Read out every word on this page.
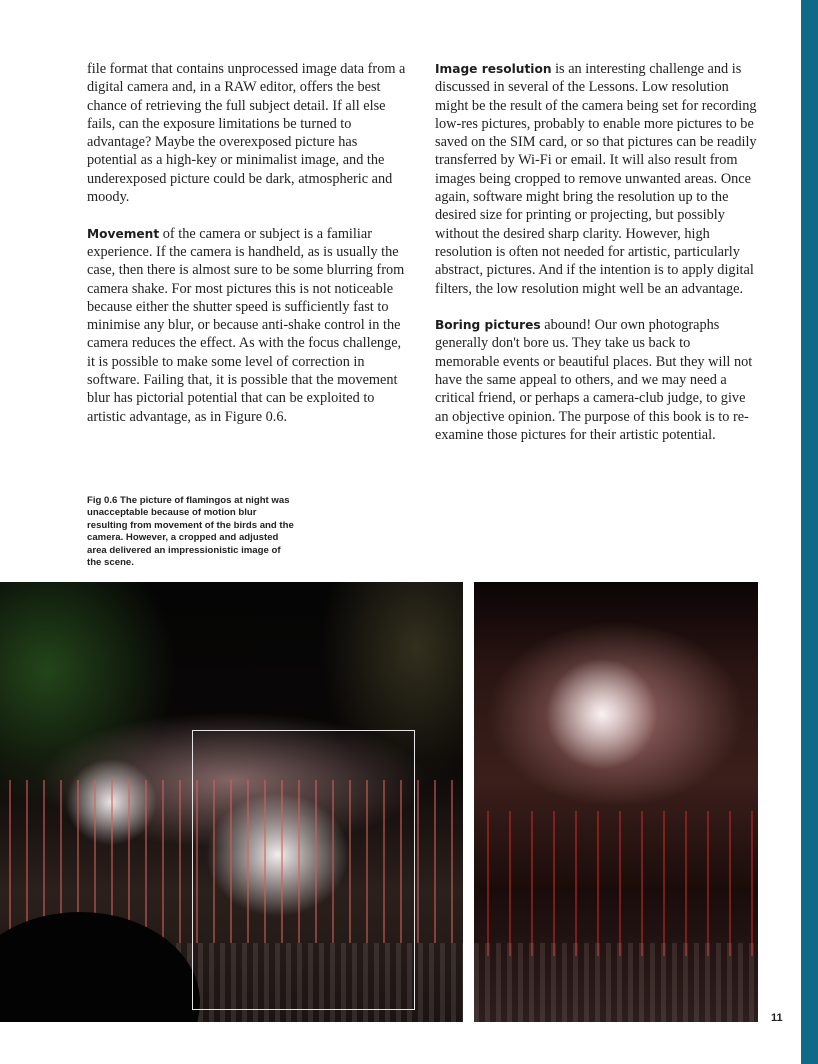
file format that contains unprocessed image data from a digital camera and, in a RAW editor, offers the best chance of retrieving the full subject detail. If all else fails, can the exposure limitations be turned to advantage? Maybe the overexposed picture has potential as a high-key or minimalist image, and the underexposed picture could be dark, atmospheric and moody.

Movement of the camera or subject is a familiar experience. If the camera is handheld, as is usually the case, then there is almost sure to be some blurring from camera shake. For most pictures this is not noticeable because either the shutter speed is sufficiently fast to minimise any blur, or because anti-shake control in the camera reduces the effect. As with the focus challenge, it is possible to make some level of correction in software. Failing that, it is possible that the movement blur has pictorial potential that can be exploited to artistic advantage, as in Figure 0.6.

Image resolution is an interesting challenge and is discussed in several of the Lessons. Low resolution might be the result of the camera being set for recording low-res pictures, probably to enable more pictures to be saved on the SIM card, or so that pictures can be readily transferred by Wi-Fi or email. It will also result from images being cropped to remove unwanted areas. Once again, software might bring the resolution up to the desired size for printing or projecting, but possibly without the desired sharp clarity. However, high resolution is often not needed for artistic, particularly abstract, pictures. And if the intention is to apply digital filters, the low resolution might well be an advantage.

Boring pictures abound! Our own photographs generally don't bore us. They take us back to memorable events or beautiful places. But they will not have the same appeal to others, and we may need a critical friend, or perhaps a camera-club judge, to give an objective opinion. The purpose of this book is to re-examine those pictures for their artistic potential.

Fig 0.6 The picture of flamingos at night was unacceptable because of motion blur resulting from movement of the birds and the camera. However, a cropped and adjusted area delivered an impressionistic image of the scene.
11
